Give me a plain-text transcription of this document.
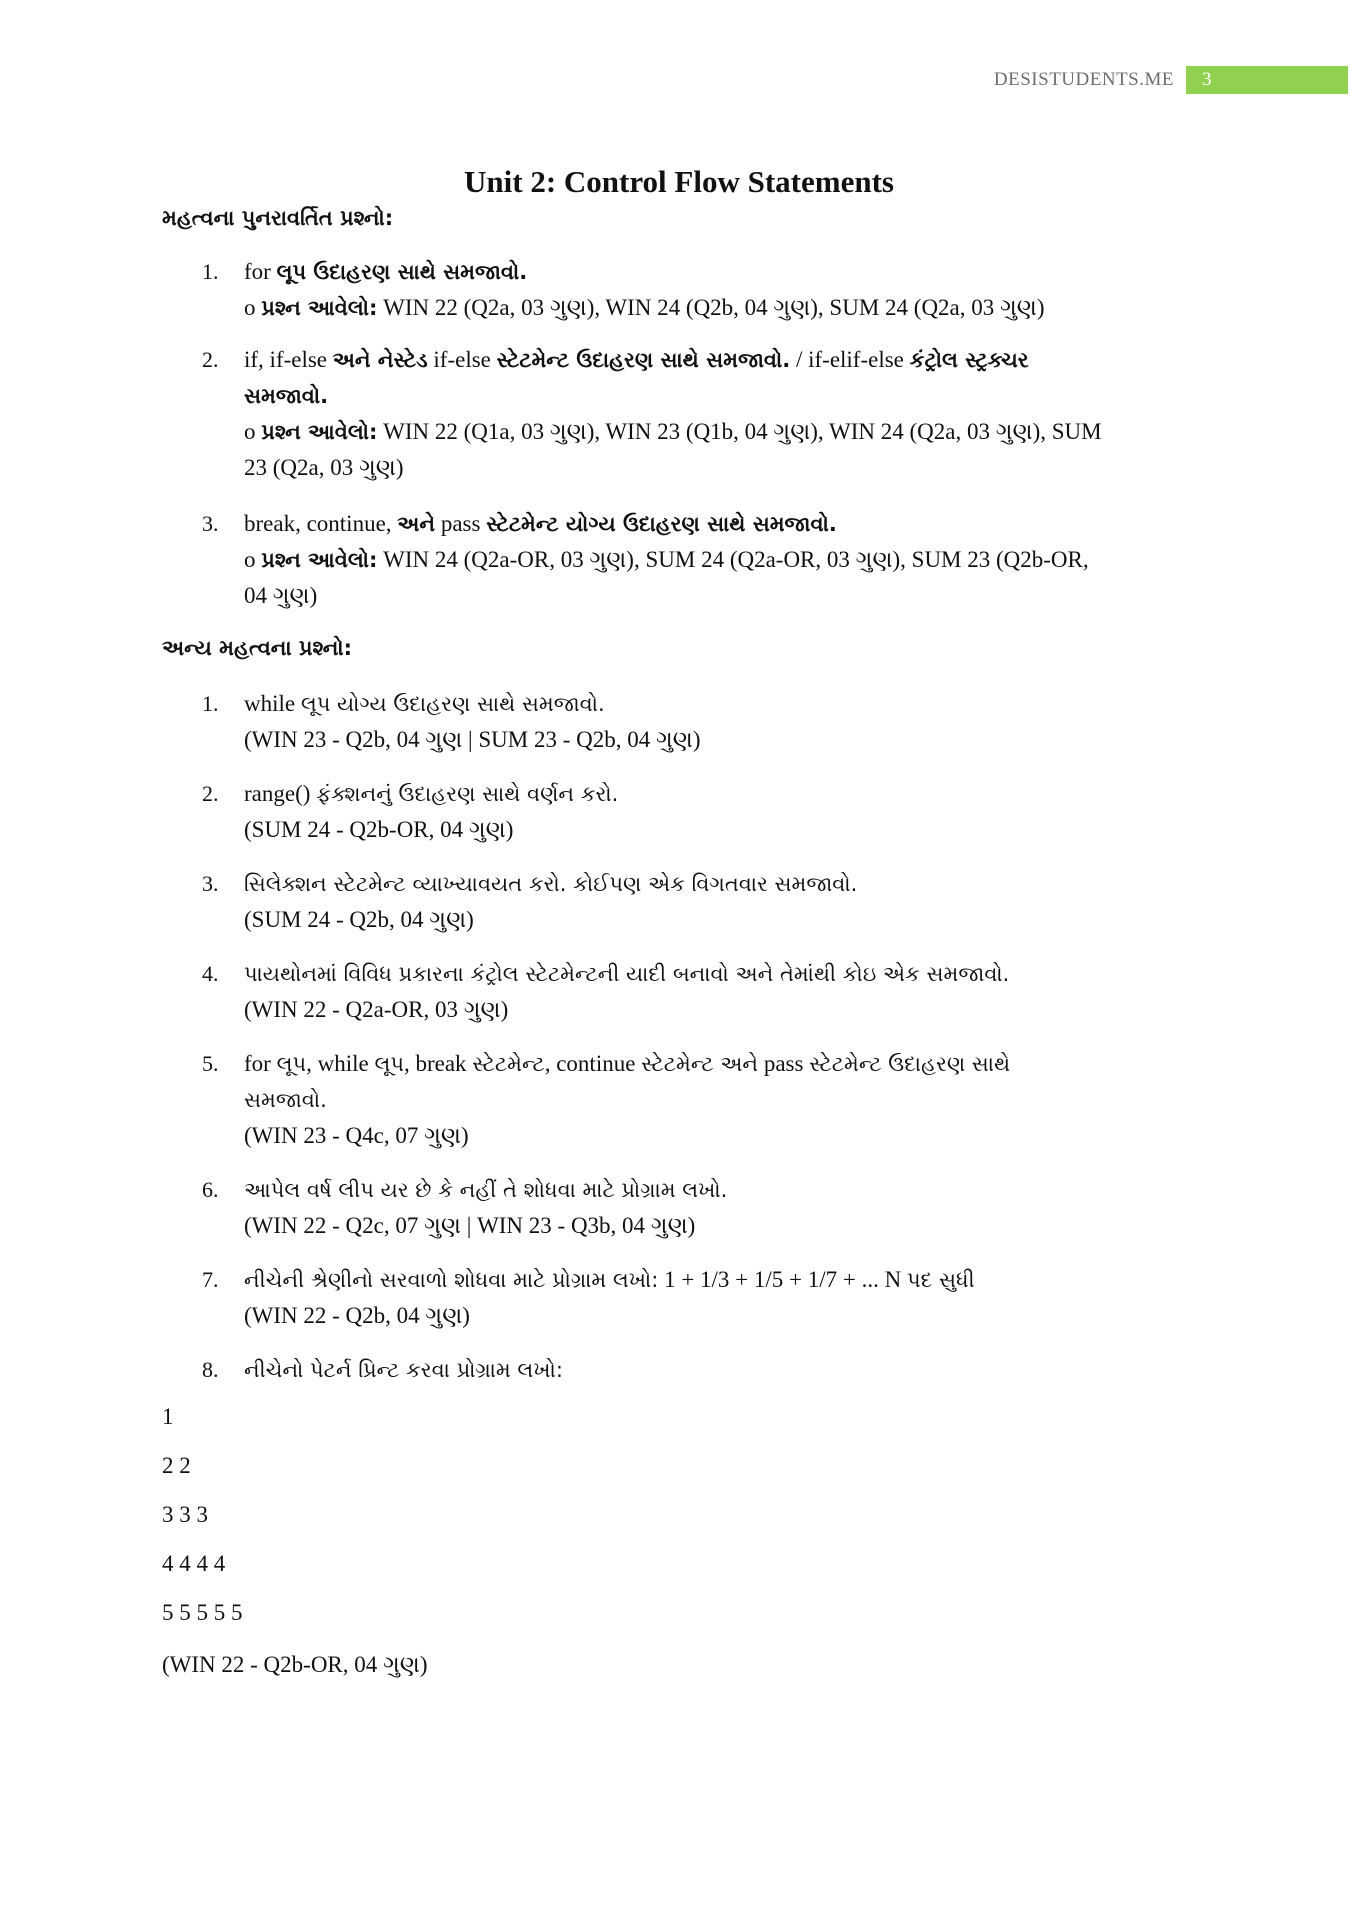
DESISTUDENTS.ME	3
Unit 2: Control Flow Statements
મહત્વના પુનરાવર્તિત પ્રશ્નો:
1.	for લૂપ ઉદાહરણ સાથે સમજાવો.
o પ્રશ્ન આવેલો: WIN 22 (Q2a, 03 ગુણ), WIN 24 (Q2b, 04 ગુણ), SUM 24 (Q2a, 03 ગુણ)
2.	if, if-else અને નેસ્ટેડ if-else સ્ટેટમેન્ટ ઉદાહરણ સાથે સમજાવો. / if-elif-else કંટ્રોલ સ્ટ્રક્ચર
સમજાવો.
o પ્રશ્ન આવેલો: WIN 22 (Q1a, 03 ગુણ), WIN 23 (Q1b, 04 ગુણ), WIN 24 (Q2a, 03 ગુણ), SUM
23 (Q2a, 03 ગુણ)
3.	break, continue, અને pass સ્ટેટમેન્ટ યોગ્ય ઉદાહરણ સાથે સમજાવો.
o પ્રશ્ન આવેલો: WIN 24 (Q2a-OR, 03 ગુણ), SUM 24 (Q2a-OR, 03 ગુણ), SUM 23 (Q2b-OR,
04 ગુણ)
અન્ય મહત્વના પ્રશ્નો:
1.	while લૂપ યોગ્ય ઉદાહરણ સાથે સમજાવો.
(WIN 23 - Q2b, 04 ગુણ | SUM 23 - Q2b, 04 ગુણ)
2.	range() ફંક્શનનું ઉદાહરણ સાથે વર્ણન કરો.
(SUM 24 - Q2b-OR, 04 ગુણ)
3.	સિલેક્શન સ્ટેટમેન્ટ વ્યાખ્યાવયત કરો. કોઈપણ એક વિગતવાર સમજાવો.
(SUM 24 - Q2b, 04 ગુણ)
4.	પાયથોનમાં વિવિધ પ્રકારના કંટ્રોલ સ્ટેટમેન્ટની યાદી બનાવો અને તેમાંથી કોઇ એક સમજાવો.
(WIN 22 - Q2a-OR, 03 ગુણ)
5.	for લૂપ, while લૂપ, break સ્ટેટમેન્ટ, continue સ્ટેટમેન્ટ અને pass સ્ટેટમેન્ટ ઉદાહરણ સાથે
સમજાવો.
(WIN 23 - Q4c, 07 ગુણ)
6.	આપેલ વર્ષ લીપ યર છે કે નહીં તે શોધવા માટે પ્રોગ્રામ લખો.
(WIN 22 - Q2c, 07 ગુણ | WIN 23 - Q3b, 04 ગુણ)
7.	નીચેની શ્રેણીનો સરવાળો શોધવા માટે પ્રોગ્રામ લખો: 1 + 1/3 + 1/5 + 1/7 + ... N પદ સુધી
(WIN 22 - Q2b, 04 ગુણ)
8.	નીચેનો પેટર્ન પ્રિન્ટ કરવા પ્રોગ્રામ લખો:
1
2 2
3 3 3
4 4 4 4
5 5 5 5 5
(WIN 22 - Q2b-OR, 04 ગુણ)
